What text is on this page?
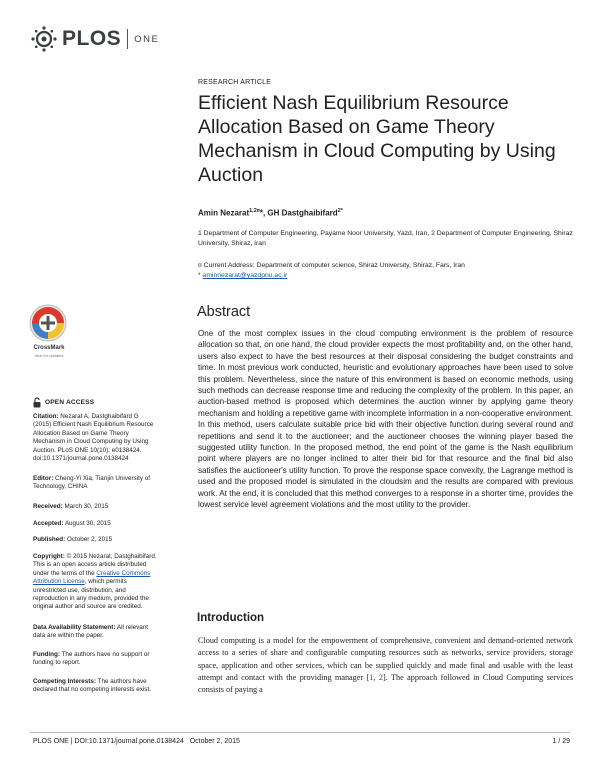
PLOS ONE
RESEARCH ARTICLE
Efficient Nash Equilibrium Resource Allocation Based on Game Theory Mechanism in Cloud Computing by Using Auction
Amin Nezarat$^{1,2¤}$*, GH Dastghaibifard$^{2*}$
1 Department of Computer Engineering, Payame Noor University, Yazd, Iran, 2 Department of Computer Engineering, Shiraz University, Shiraz, Iran
¤ Current Address: Department of computer science, Shiraz University, Shiraz, Fars, Iran
* aminnezarat@yazdpnu.ac.ir
Abstract
One of the most complex issues in the cloud computing environment is the problem of resource allocation so that, on one hand, the cloud provider expects the most profitability and, on the other hand, users also expect to have the best resources at their disposal considering the budget constraints and time. In most previous work conducted, heuristic and evolutionary approaches have been used to solve this problem. Nevertheless, since the nature of this environment is based on economic methods, using such methods can decrease response time and reducing the complexity of the problem. In this paper, an auction-based method is proposed which determines the auction winner by applying game theory mechanism and holding a repetitive game with incomplete information in a non-cooperative environment. In this method, users calculate suitable price bid with their objective function during several round and repetitions and send it to the auctioneer; and the auctioneer chooses the winning player based the suggested utility function. In the proposed method, the end point of the game is the Nash equilibrium point where players are no longer inclined to alter their bid for that resource and the final bid also satisfies the auctioneer's utility function. To prove the response space convexity, the Lagrange method is used and the proposed model is simulated in the cloudsim and the results are compared with previous work. At the end, it is concluded that this method converges to a response in a shorter time, provides the lowest service level agreement violations and the most utility to the provider.
Introduction
Cloud computing is a model for the empowerment of comprehensive, convenient and demand-oriented network access to a series of share and configurable computing resources such as networks, service providers, storage space, application and other services, which can be supplied quickly and made final and usable with the least attempt and contact with the providing manager [1, 2]. The approach followed in Cloud Computing services consists of paying a
CrossMark
click for updates
OPEN ACCESS
Citation: Nezarat A, Dastghaibifard G (2015) Efficient Nash Equilibrium Resource Allocation Based on Game Theory Mechanism in Cloud Computing by Using Auction. PLoS ONE 10(10): e0138424. doi:10.1371/journal.pone.0138424
Editor: Cheng-Yi Xia, Tianjin University of Technology, CHINA
Received: March 30, 2015
Accepted: August 30, 2015
Published: October 2, 2015
Copyright: © 2015 Nezarat, Dastghaibifard. This is an open access article distributed under the terms of the Creative Commons Attribution License, which permits unrestricted use, distribution, and reproduction in any medium, provided the original author and source are credited.
Data Availability Statement: All relevant data are within the paper.
Funding: The authors have no support or funding to report.
Competing Interests: The authors have declared that no competing interests exist.
PLOS ONE | DOI:10.1371/journal.pone.0138424   October 2, 2015	1 / 29
